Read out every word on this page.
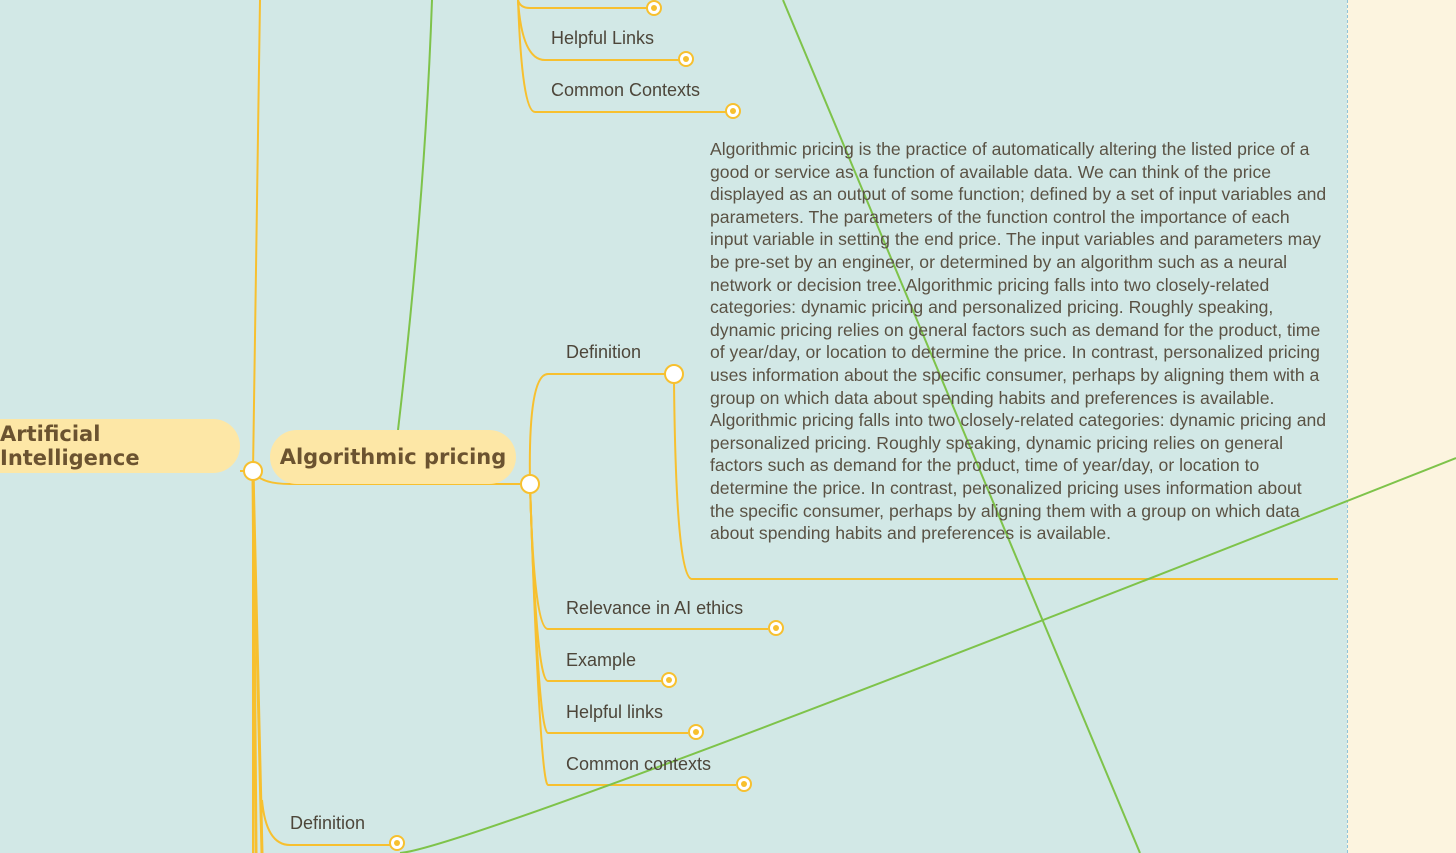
Helpful Links
Common Contexts
Artificial Intelligence	Algorithmic pricing
Definition
Algorithmic pricing is the practice of automatically altering the listed price of a good or service as a function of available data. We can think of the price displayed as an output of some function; defined by a set of input variables and parameters. The parameters of the function control the importance of each input variable in setting the end price. The input variables and parameters may be pre-set by an engineer, or determined by an algorithm such as a neural network or decision tree. Algorithmic pricing falls into two closely-related categories: dynamic pricing and personalized pricing. Roughly speaking, dynamic pricing relies on general factors such as demand for the product, time of year/day, or location to determine the price. In contrast, personalized pricing uses information about the specific consumer, perhaps by aligning them with a group on which data about spending habits and preferences is available. Algorithmic pricing falls into two closely-related categories: dynamic pricing and personalized pricing. Roughly speaking, dynamic pricing relies on general factors such as demand for the product, time of year/day, or location to determine the price. In contrast, personalized pricing uses information about the specific consumer, perhaps by aligning them with a group on which data about spending habits and preferences is available.
Relevance in AI ethics
Example
Helpful links
Common contexts
Definition
